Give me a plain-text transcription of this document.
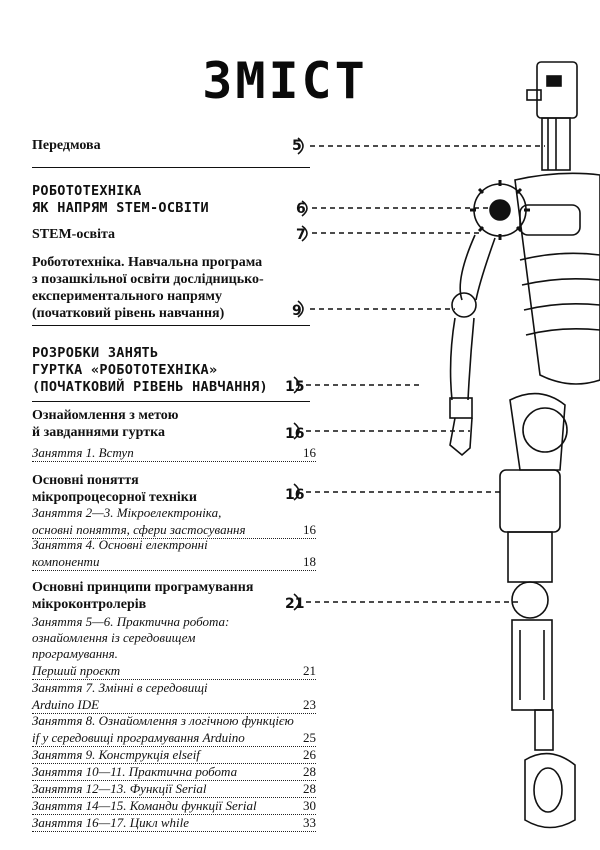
ЗМІСТ
Передмова	5
РОБОТОТЕХНІКА
ЯК НАПРЯМ STEM-ОСВІТИ	6
STEM-освіта	7
Робототехніка. Навчальна програма
з позашкільної освіти дослідницько-
експериментального напряму
(початковий рівень навчання)	9
РОЗРОБКИ ЗАНЯТЬ
ГУРТКА «РОБОТОТЕХНІКА»
(ПОЧАТКОВИЙ РІВЕНЬ НАВЧАННЯ) 15
Ознайомлення з метою
й завданнями гуртка	16
Заняття 1. Вступ	16
Основні поняття
мікропроцесорної техніки	16
Заняття 2—3. Мікроелектроніка,
основні поняття, сфери застосування	16
Заняття 4. Основні електронні
компоненти	18
Основні принципи програмування
мікроконтролерів	21
Заняття 5—6. Практична робота:
ознайомлення із середовищем
програмування.
Перший проєкт	21
Заняття 7. Змінні в середовищі
Arduino IDE	23
Заняття 8. Ознайомлення з логічною функцією
if у середовищі програмування Arduino	25
Заняття 9. Конструкція elseif	26
Заняття 10—11. Практична робота	28
Заняття 12—13. Функції Serial	28
Заняття 14—15. Команди функції Serial	30
Заняття 16—17. Цикл while	33
